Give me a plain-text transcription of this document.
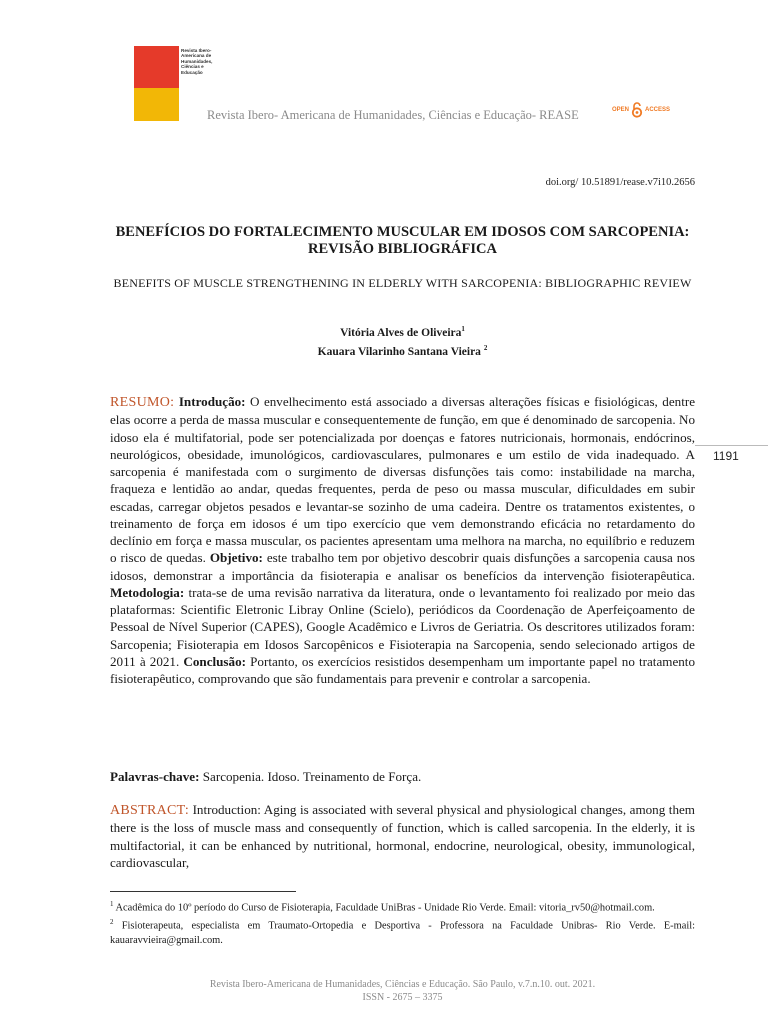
Revista Ibero-
Americana de
Humanidades,
Ciências e
Educação
Revista Ibero- Americana de Humanidades, Ciências e Educação- REASE	OPEN	ACCESS
doi.org/ 10.51891/rease.v7i10.2656
BENEFÍCIOS DO FORTALECIMENTO MUSCULAR EM IDOSOS COM SARCOPENIA: REVISÃO BIBLIOGRÁFICA
BENEFITS OF MUSCLE STRENGTHENING IN ELDERLY WITH SARCOPENIA: BIBLIOGRAPHIC REVIEW
Vitória Alves de Oliveira$^1$
Kauara Vilarinho Santana Vieira $^2$
1191

RESUMO: Introdução: O envelhecimento está associado a diversas alterações físicas e fisiológicas, dentre elas ocorre a perda de massa muscular e consequentemente de função, em que é denominado de sarcopenia. No idoso ela é multifatorial, pode ser potencializada por doenças e fatores nutricionais, hormonais, endócrinos, neurológicos, obesidade, imunológicos, cardiovasculares, pulmonares e um estilo de vida inadequado. A sarcopenia é manifestada com o surgimento de diversas disfunções tais como: instabilidade na marcha, fraqueza e lentidão ao andar, quedas frequentes, perda de peso ou massa muscular, dificuldades em subir escadas, carregar objetos pesados e levantar-se sozinho de uma cadeira. Dentre os tratamentos existentes, o treinamento de força em idosos é um tipo exercício que vem demonstrando eficácia no retardamento do declínio em força e massa muscular, os pacientes apresentam uma melhora na marcha, no equilíbrio e reduzem o risco de quedas. Objetivo: este trabalho tem por objetivo descobrir quais disfunções a sarcopenia causa nos idosos, demonstrar a importância da fisioterapia e analisar os benefícios da intervenção fisioterapêutica. Metodologia: trata-se de uma revisão narrativa da literatura, onde o levantamento foi realizado por meio das plataformas: Scientific Eletronic Libray Online (Scielo), periódicos da Coordenação de Aperfeiçoamento de Pessoal de Nível Superior (CAPES), Google Acadêmico e Livros de Geriatria. Os descritores utilizados foram: Sarcopenia; Fisioterapia em Idosos Sarcopênicos e Fisioterapia na Sarcopenia, sendo selecionado artigos de 2011 à 2021. Conclusão: Portanto, os exercícios resistidos desempenham um importante papel no tratamento fisioterapêutico, comprovando que são fundamentais para prevenir e controlar a sarcopenia.

Palavras-chave: Sarcopenia. Idoso. Treinamento de Força.

ABSTRACT: Introduction: Aging is associated with several physical and physiological changes, among them there is the loss of muscle mass and consequently of function, which is called sarcopenia. In the elderly, it is multifactorial, it can be enhanced by nutritional, hormonal, endocrine, neurological, obesity, immunological, cardiovascular,

$^1$ Acadêmica do 10º período do Curso de Fisioterapia, Faculdade UniBras - Unidade Rio Verde. Email: vitoria_rv50@hotmail.com.

$^2$ Fisioterapeuta, especialista em Traumato-Ortopedia e Desportiva - Professora na Faculdade Unibras- Rio Verde. E-mail: kauaravvieira@gmail.com.

Revista Ibero-Americana de Humanidades, Ciências e Educação. São Paulo, v.7.n.10. out. 2021.
ISSN - 2675 – 3375
